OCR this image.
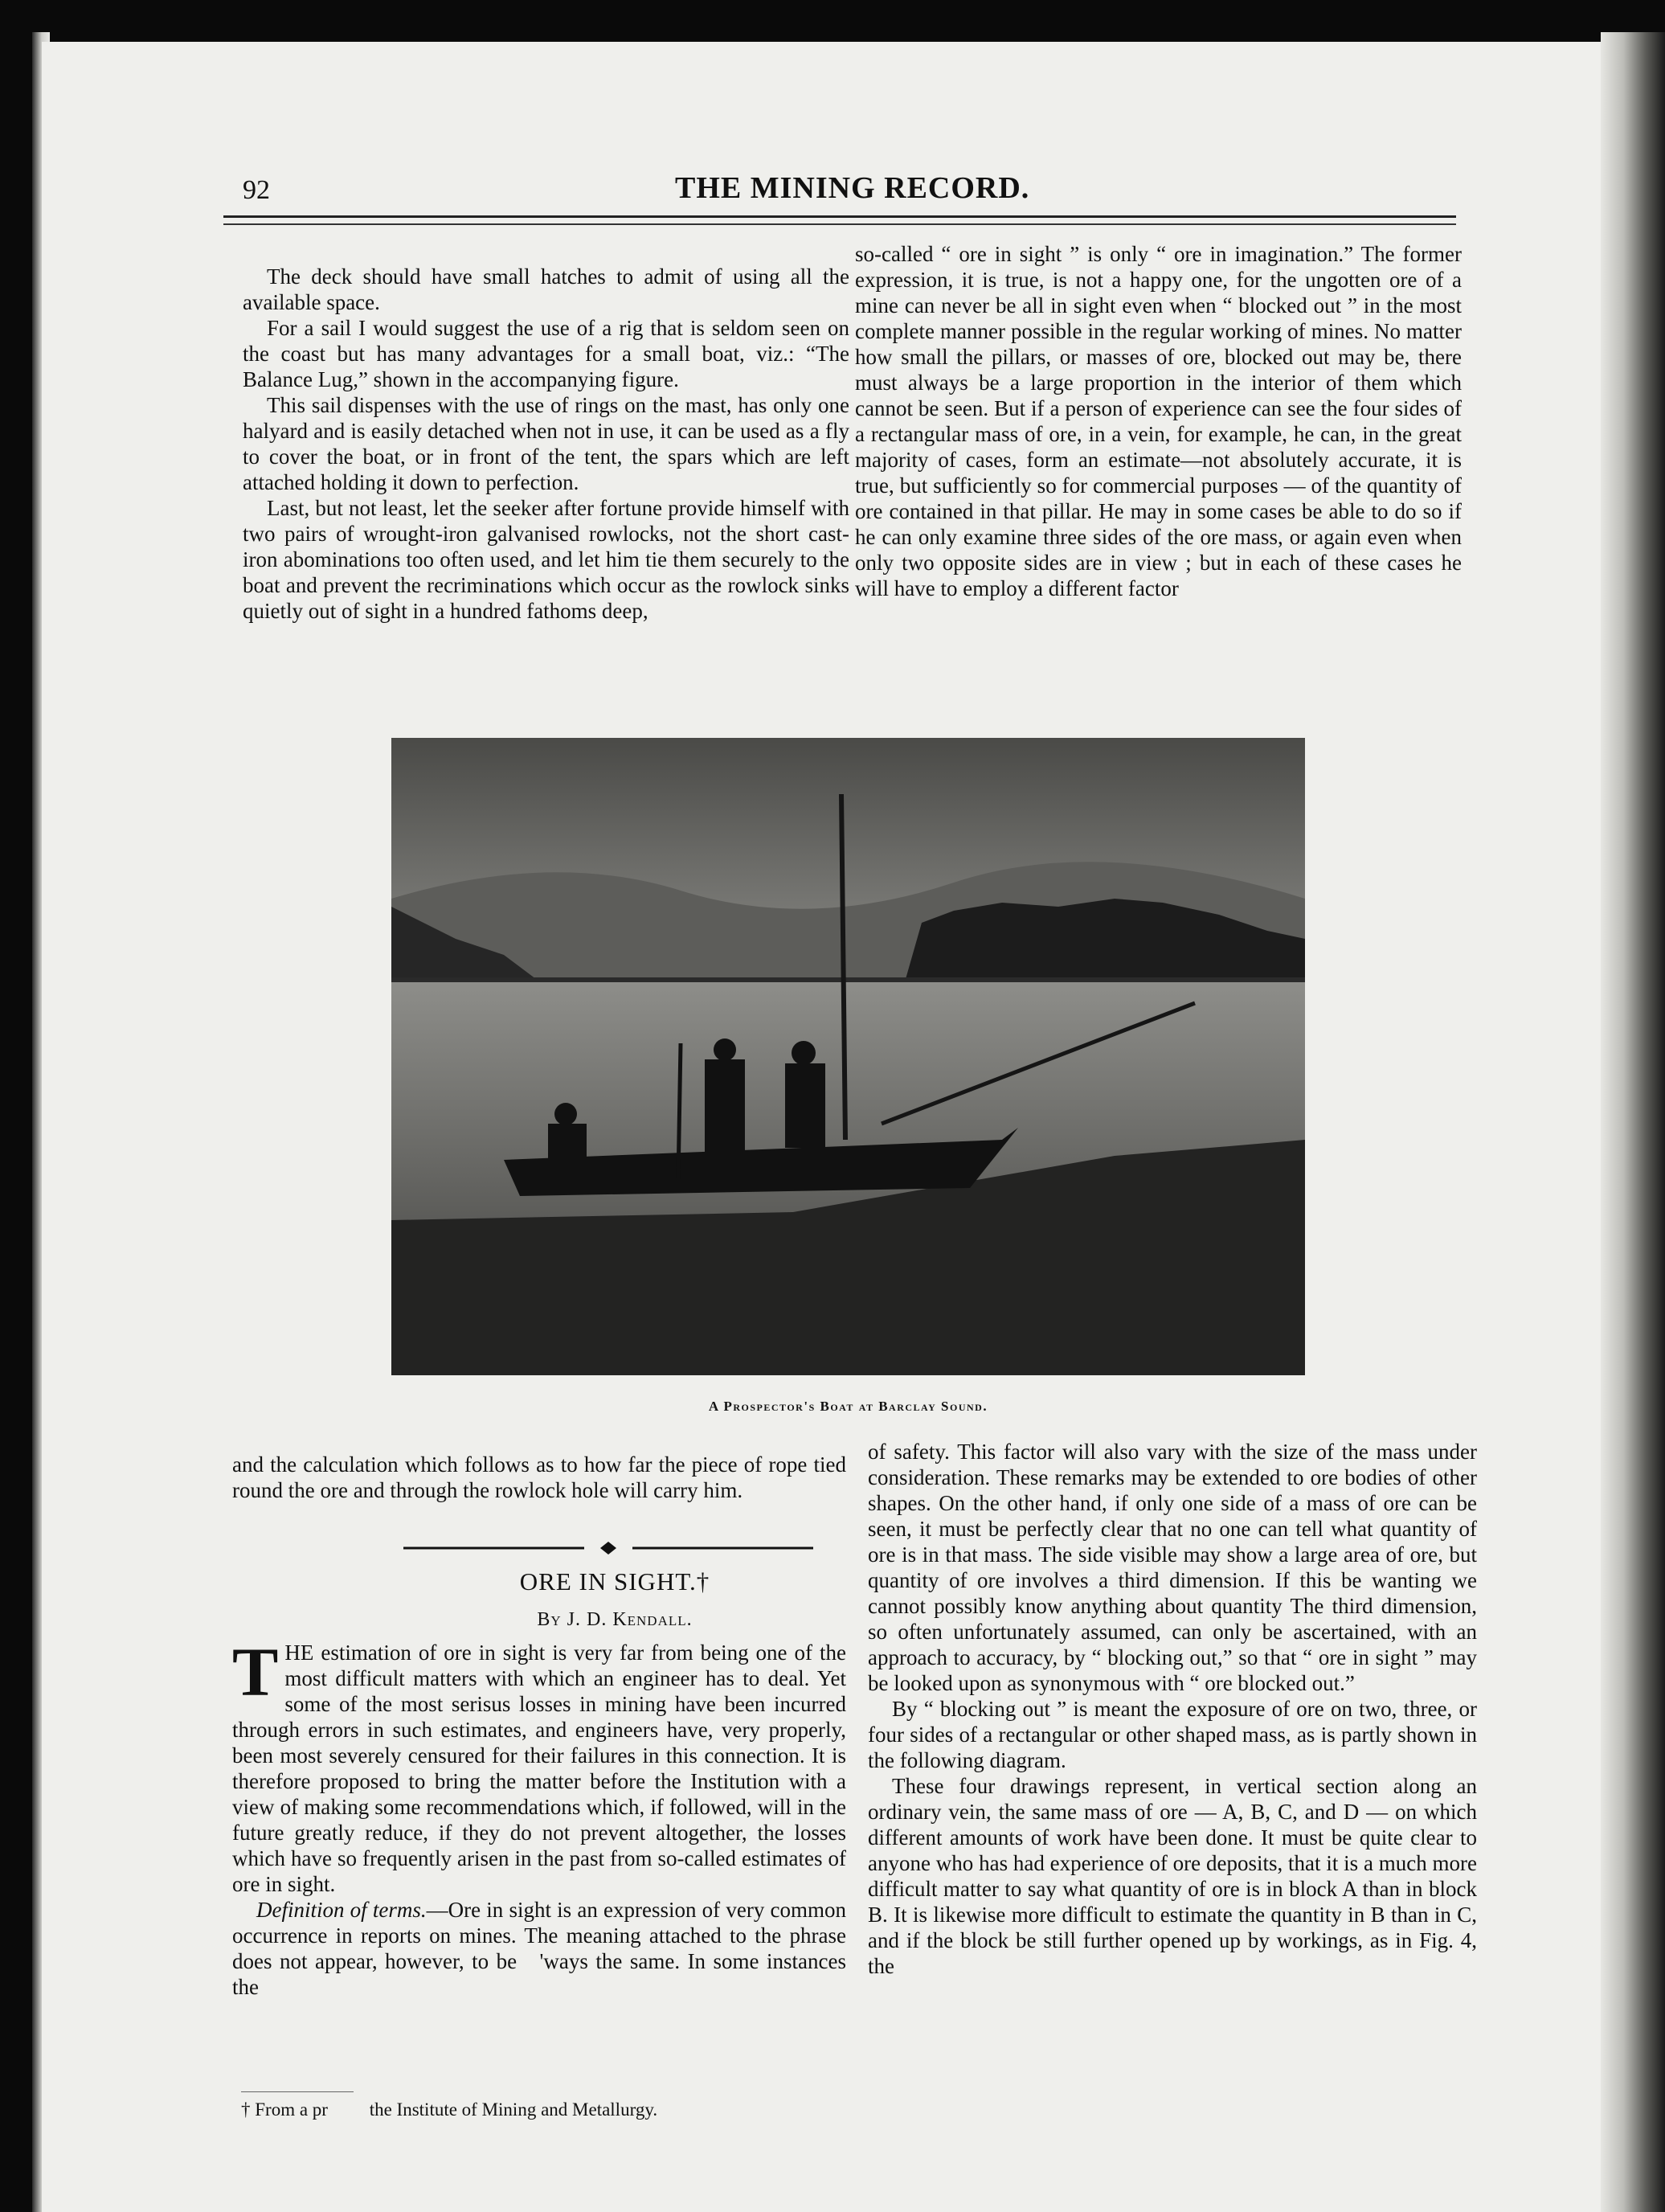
92	THE MINING RECORD.

The deck should have small hatches to admit of using all the available space.

For a sail I would suggest the use of a rig that is seldom seen on the coast but has many advantages for a small boat, viz.: “The Balance Lug,” shown in the accompanying figure.

This sail dispenses with the use of rings on the mast, has only one halyard and is easily detached when not in use, it can be used as a fly to cover the boat, or in front of the tent, the spars which are left attached holding it down to perfection.

Last, but not least, let the seeker after fortune provide himself with two pairs of wrought-iron galvanised rowlocks, not the short cast-iron abominations too often used, and let him tie them securely to the boat and prevent the recriminations which occur as the rowlock sinks quietly out of sight in a hundred fathoms deep,

so-called “ ore in sight ” is only “ ore in imagination.” The former expression, it is true, is not a happy one, for the ungotten ore of a mine can never be all in sight even when “ blocked out ” in the most complete manner possible in the regular working of mines. No matter how small the pillars, or masses of ore, blocked out may be, there must always be a large proportion in the interior of them which cannot be seen. But if a person of experience can see the four sides of a rectangular mass of ore, in a vein, for example, he can, in the great majority of cases, form an estimate—not absolutely accurate, it is true, but sufficiently so for commercial purposes — of the quantity of ore contained in that pillar. He may in some cases be able to do so if he can only examine three sides of the ore mass, or again even when only two opposite sides are in view ; but in each of these cases he will have to employ a different factor

A Prospector's Boat at Barclay Sound.

and the calculation which follows as to how far the piece of rope tied round the ore and through the rowlock hole will carry him.

ORE IN SIGHT.†
By J. D. Kendall.

THE estimation of ore in sight is very far from being one of the most difficult matters with which an engineer has to deal. Yet some of the most serisus losses in mining have been incurred through errors in such estimates, and engineers have, very properly, been most severely censured for their failures in this connection. It is therefore proposed to bring the matter before the Institution with a view of making some recommendations which, if followed, will in the future greatly reduce, if they do not prevent altogether, the losses which have so frequently arisen in the past from so-called estimates of ore in sight.

Definition of terms.—Ore in sight is an expression of very common occurrence in reports on mines. The meaning attached to the phrase does not appear, however, to be   'ways the same. In some instances the

† From a pr         the Institute of Mining and Metallurgy.

of safety. This factor will also vary with the size of the mass under consideration. These remarks may be extended to ore bodies of other shapes. On the other hand, if only one side of a mass of ore can be seen, it must be perfectly clear that no one can tell what quantity of ore is in that mass. The side visible may show a large area of ore, but quantity of ore involves a third dimension. If this be wanting we cannot possibly know anything about quantity The third dimension, so often unfortunately assumed, can only be ascertained, with an approach to accuracy, by “ blocking out,” so that “ ore in sight ” may be looked upon as synonymous with “ ore blocked out.”

By “ blocking out ” is meant the exposure of ore on two, three, or four sides of a rectangular or other shaped mass, as is partly shown in the following diagram.

These four drawings represent, in vertical section along an ordinary vein, the same mass of ore — A, B, C, and D — on which different amounts of work have been done. It must be quite clear to anyone who has had experience of ore deposits, that it is a much more difficult matter to say what quantity of ore is in block A than in block B. It is likewise more difficult to estimate the quantity in B than in C, and if the block be still further opened up by workings, as in Fig. 4, the
